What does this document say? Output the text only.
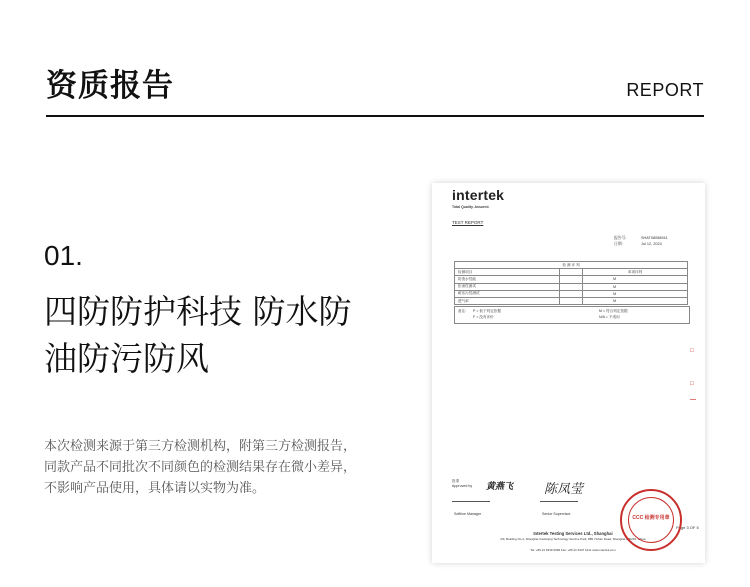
资质报告	REPORT
01.
四防防护科技 防水防
油防污防风
本次检测来源于第三方检测机构，附第三方检测报告，
同款产品不同批次不同颜色的检测结果存在微小差异，
不影响产品使用，具体请以实物为准。
intertek
Total Quality. Assured.
TEST REPORT
报告号:	SHAT0805894​1
日期:	Jul 12, 2024
检 测 评 判		
检测项目		单项评判
防泼水性能		M
拒油性测试		M
耐沾污性测试		M
透气率		M
备注: P = 低于判定依据
F = 没有评价
M = 符合判定依据
N/A = 不适用
批准
Approved by 黄燕飞 陈凤莹
Softline Manager	Senior Supervisor
Intertek Testing Services Ltd., Shanghai
2/F, Building No.4, Shanghai Caohejing Technology Service Park, 889 Yishan Road, Shanghai 200233, China
Tel: +86 21 6339 6099 Fax: +86 21 6437 6111 www.intertek.com
Page 3 OF 5
CCC 检测专用章
□
□
—
